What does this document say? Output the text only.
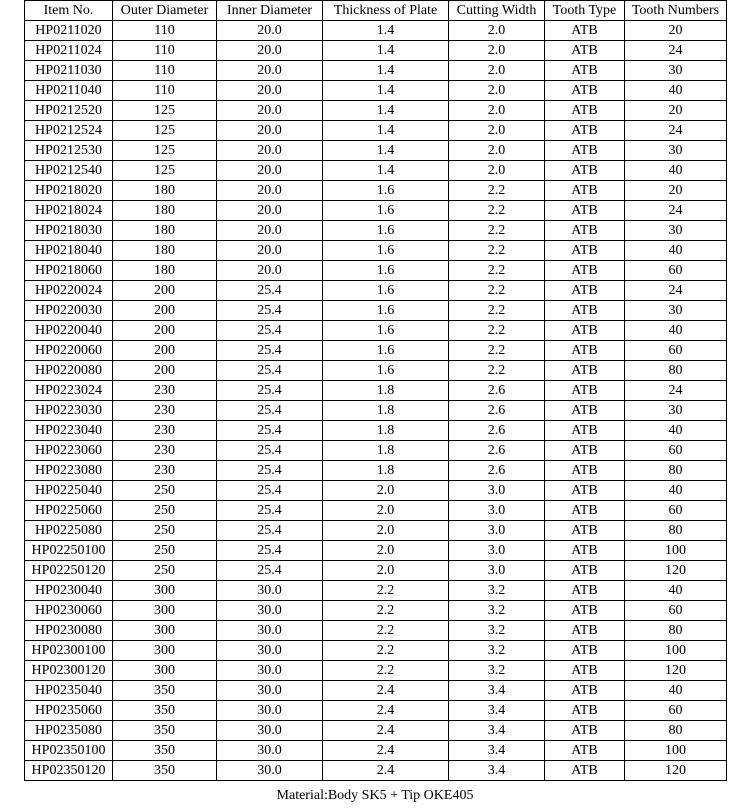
Item No.	Outer Diameter	Inner Diameter	Thickness of Plate	Cutting Width	Tooth Type	Tooth Numbers
HP0211020	110	20.0	1.4	2.0	ATB	20
HP0211024	110	20.0	1.4	2.0	ATB	24
HP0211030	110	20.0	1.4	2.0	ATB	30
HP0211040	110	20.0	1.4	2.0	ATB	40
HP0212520	125	20.0	1.4	2.0	ATB	20
HP0212524	125	20.0	1.4	2.0	ATB	24
HP0212530	125	20.0	1.4	2.0	ATB	30
HP0212540	125	20.0	1.4	2.0	ATB	40
HP0218020	180	20.0	1.6	2.2	ATB	20
HP0218024	180	20.0	1.6	2.2	ATB	24
HP0218030	180	20.0	1.6	2.2	ATB	30
HP0218040	180	20.0	1.6	2.2	ATB	40
HP0218060	180	20.0	1.6	2.2	ATB	60
HP0220024	200	25.4	1.6	2.2	ATB	24
HP0220030	200	25.4	1.6	2.2	ATB	30
HP0220040	200	25.4	1.6	2.2	ATB	40
HP0220060	200	25.4	1.6	2.2	ATB	60
HP0220080	200	25.4	1.6	2.2	ATB	80
HP0223024	230	25.4	1.8	2.6	ATB	24
HP0223030	230	25.4	1.8	2.6	ATB	30
HP0223040	230	25.4	1.8	2.6	ATB	40
HP0223060	230	25.4	1.8	2.6	ATB	60
HP0223080	230	25.4	1.8	2.6	ATB	80
HP0225040	250	25.4	2.0	3.0	ATB	40
HP0225060	250	25.4	2.0	3.0	ATB	60
HP0225080	250	25.4	2.0	3.0	ATB	80
HP02250100	250	25.4	2.0	3.0	ATB	100
HP02250120	250	25.4	2.0	3.0	ATB	120
HP0230040	300	30.0	2.2	3.2	ATB	40
HP0230060	300	30.0	2.2	3.2	ATB	60
HP0230080	300	30.0	2.2	3.2	ATB	80
HP02300100	300	30.0	2.2	3.2	ATB	100
HP02300120	300	30.0	2.2	3.2	ATB	120
HP0235040	350	30.0	2.4	3.4	ATB	40
HP0235060	350	30.0	2.4	3.4	ATB	60
HP0235080	350	30.0	2.4	3.4	ATB	80
HP02350100	350	30.0	2.4	3.4	ATB	100
HP02350120	350	30.0	2.4	3.4	ATB	120
Material:Body SK5 + Tip OKE405
